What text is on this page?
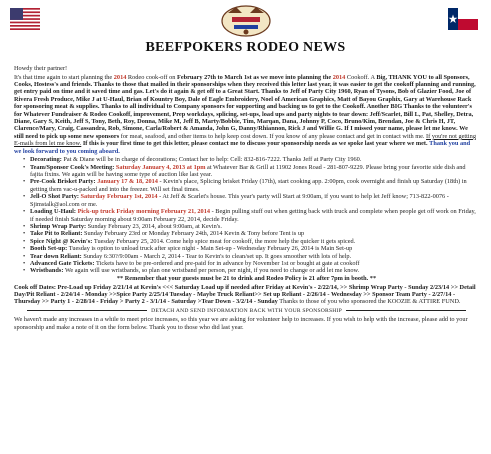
BEEFPOKERS RODEO NEWS

Howdy their partner!

It's that time again to start planning the 2014 Rodeo cook-off on February 27th to March 1st as we move into planning the 2014 Cookoff. A Big, THANK YOU to all Sponsors, Cooks, Hostess's and friends. Thanks to those that mailed in their sponsorships when they received this letter last year, it was easier to get the cookoff planning and running, get entry paid on time and it saved time and gas. Let's do it again & get off to a Great Start. Thanks to Jeff of Party City 1960, Ryan of Tysons, Bob of Glazier Food, Joe of Rivera Fresh Produce, Mike J at U-Haul, Brian of Kountry Boy, Dale of Eagle Embroidery, Noel of American Graphics, Matt of Bayou Graphix, Gary at Warehouse Rack for sponsoring meat & supplies. Thanks to all individual to Company sponsors for supporting and backing us to get to the Cookoff. Another BIG Thanks to the volunteer's for Whatever Fundraiser & Rodeo Cookoff, improvement, Prep workdays, splicing, set-ups, load ups and party nights to tear down: Jeff/Scarlet, Bill L, Pat, Shelley, Detra, Diane, Gary S, Keith, Jeff S, Tony, Beth, Roy, Donna, Mike M, Jeff B, Marty/Bobbie, Tim, Marqan, Dana, Johnny P, Coco, Bruno/Kim, Brendan, Joe & Chris H, JT, Clarence/Mary, Craig, Cassandra, Rob, Simone, Carla/Robert & Amanda, John G, Danny/Rhiannon, Rick J and Willie G. If I missed your name, please let me know. We still need to pick up some new sponsors for meat, seafood, and other items to help keep cost down. If you know of any please contact and get in contact with me. If you're not getting E-mails from let me know. If this is your first time to get this letter, please contact me to discuss your sponsorship needs as we spoke last year where we met. Thank you and we look forward to you coming aboard.

• Decorating: Pat & Diane will be in charge of decorations; Contact her to help: Cell: 832-816-7222. Thanks Jeff at Party City 1960.
• Team/Sponsor Cook's Meeting: Saturday January 4, 2013 at 1pm at Whatever Bar & Grill at 11902 Jones Road - 281-807-9229. Please bring your favorite side dish and fajita fixins. We again will be having some type of auction like last year.
• Pre-Cook Brisket Party: January 17 & 18, 2014 - Kevin's place, Splicing brisket Friday (17th), start cooking app. 2:00pm, cook overnight and finish up Saturday (18th) in getting them vac-u-packed and into the freezer. Will set final times.
• Jell-O Shot Party: Saturday February 1st, 2014 - At Jeff & Scarlet's house. This year's party will Start at 9:00am, if you want to help let Jeff know; 713-822-0076 - Sjimstalk@aol.com or me.
• Loading U-Haul: Pick-up truck Friday morning February 21, 2014 - Begin pulling stuff out when getting back with truck and complete when people get off work on Friday, if needed finish Saturday morning about 9:00am February 22, 2014, decide Friday.
• Shrimp Wrap Party: Sunday February 23, 2014, about 9:00am, at Kevin's.
• Take Pit to Reliant: Sunday February 23rd or Monday February 24th, 2014 Kevin & Tony before Tent is up
• Spice Night @ Kevin's: Tuesday February 25, 2014. Come help spice meat for cookoff, the more help the quicker it gets spiced.
• Booth Set-up: Tuesday is option to unload truck after spice night - Main Set-up - Wednesday February 26, 2014 is Main Set-up
• Tear down Reliant: Sunday 6:30?/9:00am - March 2, 2014 - Tear to Kevin's to clean/set up. It goes smoother with lots of help.
• Advanced Gate Tickets: Tickets have to be pre-ordered and pre-paid for in advance by November 1st or bought at gate at cookoff
• Wristbands: We again will use wristbands, so plan one wristband per person, per night, if you need to change or add let me know.

** Remember that your guests must be 21 to drink and Rodeo Policy is 21 after 7pm in booth. **

Cook off Dates: Pre-Load up Friday 2/21/14 at Kevin's <<< Saturday Load up if needed after Friday at Kevin's - 2/22/14, >> Shrimp Wrap Party - Sunday 2/23/14 >> Detail Day/Pit Reliant - 2/24/14 - Monday >>Spice Party 2/25/14 Tuesday - Maybe Truck Reliant>> Set up Reliant - 2/26/14 - Wednesday >> Sponsor Team Party - 2/27/14 - Thursday >> Party 1 - 2/28/14 - Friday > Party 2 - 3/1/14 - Saturday >Tear Down - 3/2/14 - Sunday Thanks to those of you who sponsored the KOOZIE & ATTIRE FUND.

DETACH AND SEND INFORMATION BACK WITH YOUR SPONSORSHIP

We haven't made any increases in a while to meet price increases, so this year we are asking for volunteer help to increases. If you wish to help with the increase, please add to your sponsorship and make a note of it on the form below. Thank you to those who did last year.
